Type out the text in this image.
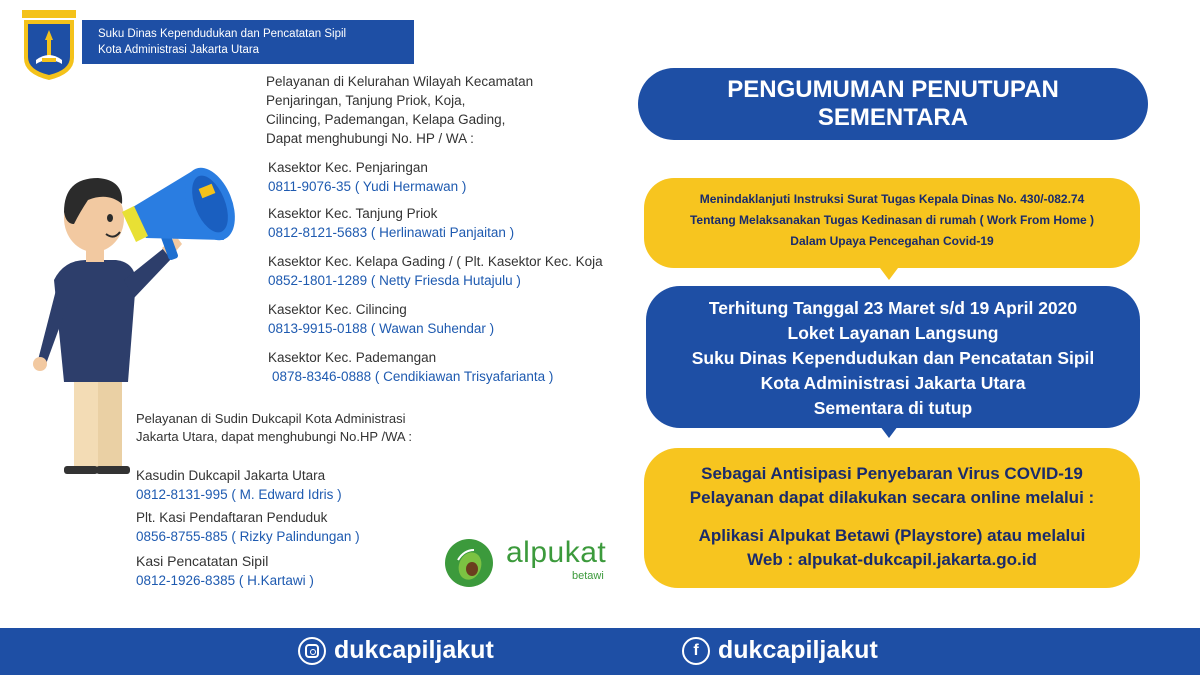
Suku Dinas Kependudukan dan Pencatatan Sipil
Kota Administrasi Jakarta Utara
Pelayanan di Kelurahan Wilayah Kecamatan
Penjaringan, Tanjung Priok, Koja,
Cilincing, Pademangan, Kelapa Gading,
Dapat menghubungi No. HP / WA :
Kasektor Kec. Penjaringan
0811-9076-35 ( Yudi Hermawan )
Kasektor Kec. Tanjung Priok
0812-8121-5683 ( Herlinawati Panjaitan )
Kasektor Kec. Kelapa Gading / ( Plt. Kasektor Kec. Koja
0852-1801-1289 ( Netty Friesda Hutajulu )
Kasektor Kec. Cilincing
0813-9915-0188 ( Wawan Suhendar )
Kasektor Kec. Pademangan
0878-8346-0888 ( Cendikiawan Trisyafarianta )
Pelayanan di Sudin Dukcapil Kota Administrasi
Jakarta Utara, dapat menghubungi No.HP /WA :
Kasudin Dukcapil Jakarta Utara
0812-8131-995 ( M. Edward Idris )
Plt. Kasi Pendaftaran Penduduk
0856-8755-885 ( Rizky Palindungan )
Kasi Pencatatan Sipil
0812-1926-8385 ( H.Kartawi )
alpukat
betawi
PENGUMUMAN PENUTUPAN
SEMENTARA
Menindaklanjuti Instruksi Surat Tugas Kepala Dinas No. 430/-082.74
Tentang Melaksanakan Tugas Kedinasan di rumah ( Work From Home )
Dalam Upaya Pencegahan Covid-19
Terhitung Tanggal 23 Maret s/d 19 April 2020
Loket Layanan Langsung
Suku Dinas Kependudukan dan Pencatatan Sipil
Kota Administrasi Jakarta Utara
Sementara di tutup
Sebagai Antisipasi Penyebaran Virus COVID-19
Pelayanan dapat dilakukan secara online melalui :
Aplikasi Alpukat Betawi (Playstore) atau melalui
Web : alpukat-dukcapil.jakarta.go.id
dukcapiljakut	f dukcapiljakut
